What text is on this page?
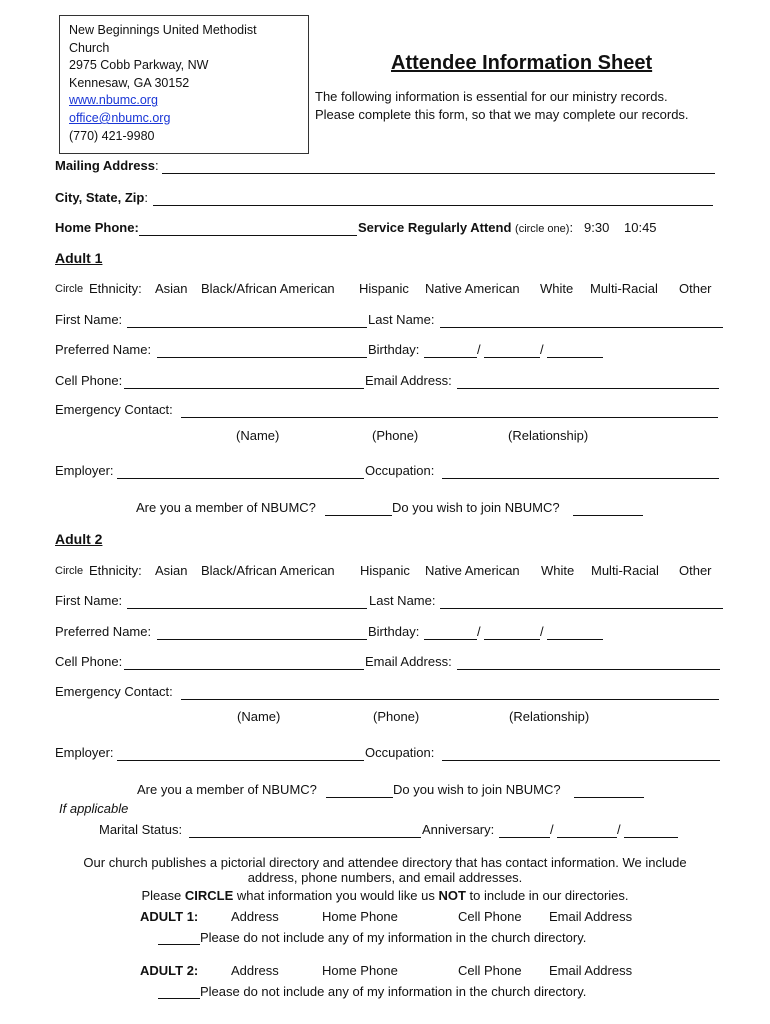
New Beginnings United Methodist
Church
2975 Cobb Parkway, NW
Kennesaw, GA 30152
www.nbumc.org
office@nbumc.org
(770) 421-9980
Attendee Information Sheet
The following information is essential for our ministry records.
Please complete this form, so that we may complete our records.
Mailing Address:
City, State, Zip:
Home Phone:	Service Regularly Attend (circle one): 9:30 10:45
Adult 1
Circle Ethnicity: Asian Black/African American Hispanic Native American White Multi-Racial Other
First Name:	Last Name:
Preferred Name:	Birthday:	/	/
Cell Phone:	Email Address:
Emergency Contact:
(Name)	(Phone)	(Relationship)
Employer:	Occupation:
Are you a member of NBUMC?	Do you wish to join NBUMC?
Adult 2
Circle Ethnicity: Asian Black/African American Hispanic Native American White Multi-Racial Other
First Name:	Last Name:
Preferred Name:	Birthday:	/	/
Cell Phone:	Email Address:
Emergency Contact:
(Name)	(Phone)	(Relationship)
Employer:	Occupation:
Are you a member of NBUMC?	Do you wish to join NBUMC?
If applicable
Marital Status:	Anniversary:	/	/
Our church publishes a pictorial directory and attendee directory that has contact information. We include
address, phone numbers, and email addresses.
Please CIRCLE what information you would like us NOT to include in our directories.
ADULT 1:	Address	Home Phone	Cell Phone Email Address
Please do not include any of my information in the church directory.
ADULT 2:	Address	Home Phone	Cell Phone Email Address
Please do not include any of my information in the church directory.
